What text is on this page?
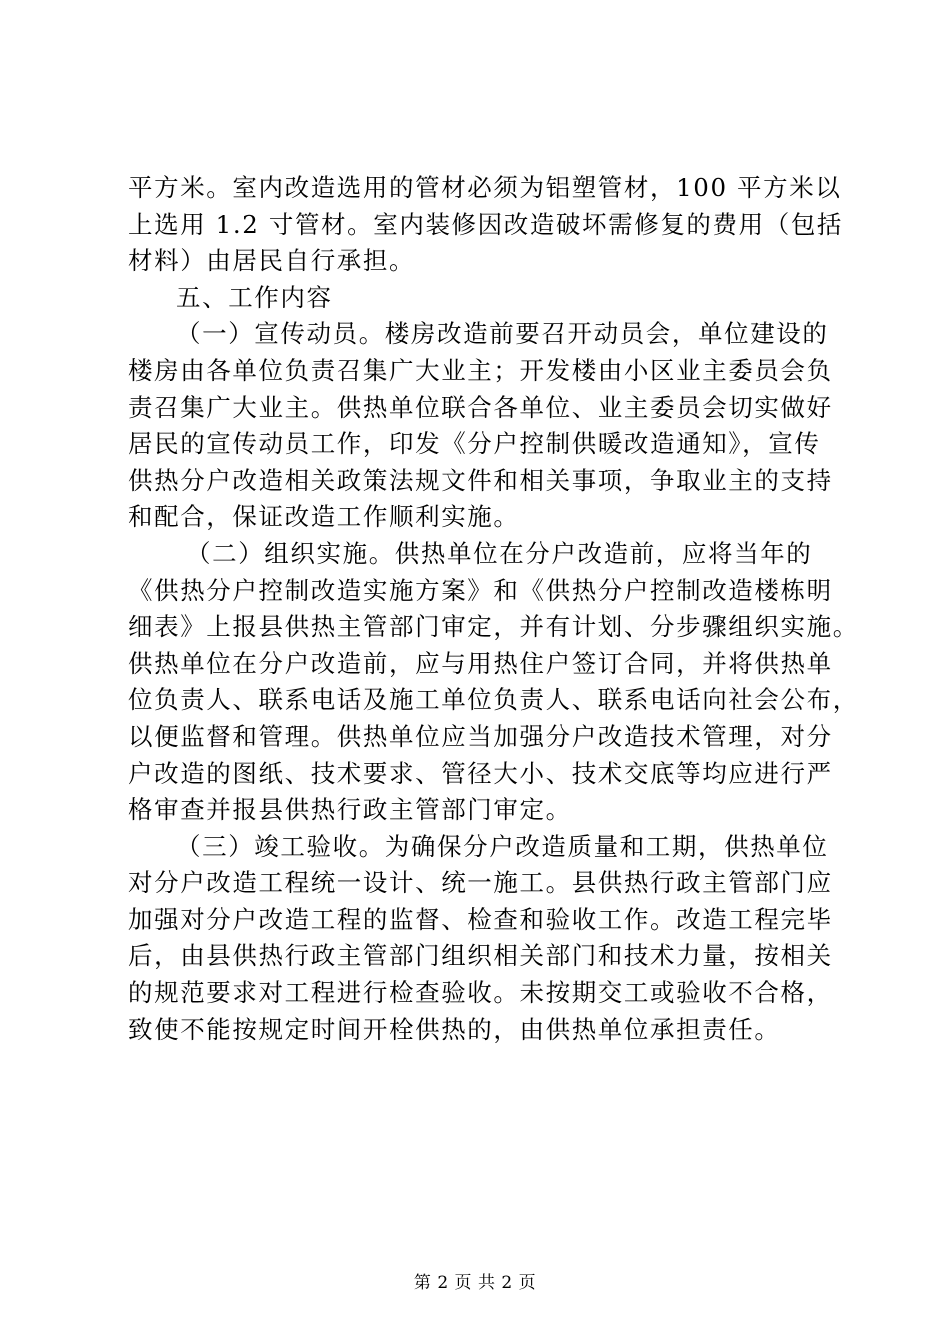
平方米。室内改造选用的管材必须为铝塑管材，100 平方米以
上选用 1.2 寸管材。室内装修因改造破坏需修复的费用（包括
材料）由居民自行承担。
五、工作内容
（一）宣传动员。楼房改造前要召开动员会，单位建设的
楼房由各单位负责召集广大业主；开发楼由小区业主委员会负
责召集广大业主。供热单位联合各单位、业主委员会切实做好
居民的宣传动员工作，印发《分户控制供暖改造通知》，宣传
供热分户改造相关政策法规文件和相关事项，争取业主的支持
和配合，保证改造工作顺利实施。
（二）组织实施。供热单位在分户改造前，应将当年的
《供热分户控制改造实施方案》和《供热分户控制改造楼栋明
细表》上报县供热主管部门审定，并有计划、分步骤组织实施。
供热单位在分户改造前，应与用热住户签订合同，并将供热单
位负责人、联系电话及施工单位负责人、联系电话向社会公布，
以便监督和管理。供热单位应当加强分户改造技术管理，对分
户改造的图纸、技术要求、管径大小、技术交底等均应进行严
格审查并报县供热行政主管部门审定。
（三）竣工验收。为确保分户改造质量和工期，供热单位
对分户改造工程统一设计、统一施工。县供热行政主管部门应
加强对分户改造工程的监督、检查和验收工作。改造工程完毕
后，由县供热行政主管部门组织相关部门和技术力量，按相关
的规范要求对工程进行检查验收。未按期交工或验收不合格，
致使不能按规定时间开栓供热的，由供热单位承担责任。
第 2 页 共 2 页
